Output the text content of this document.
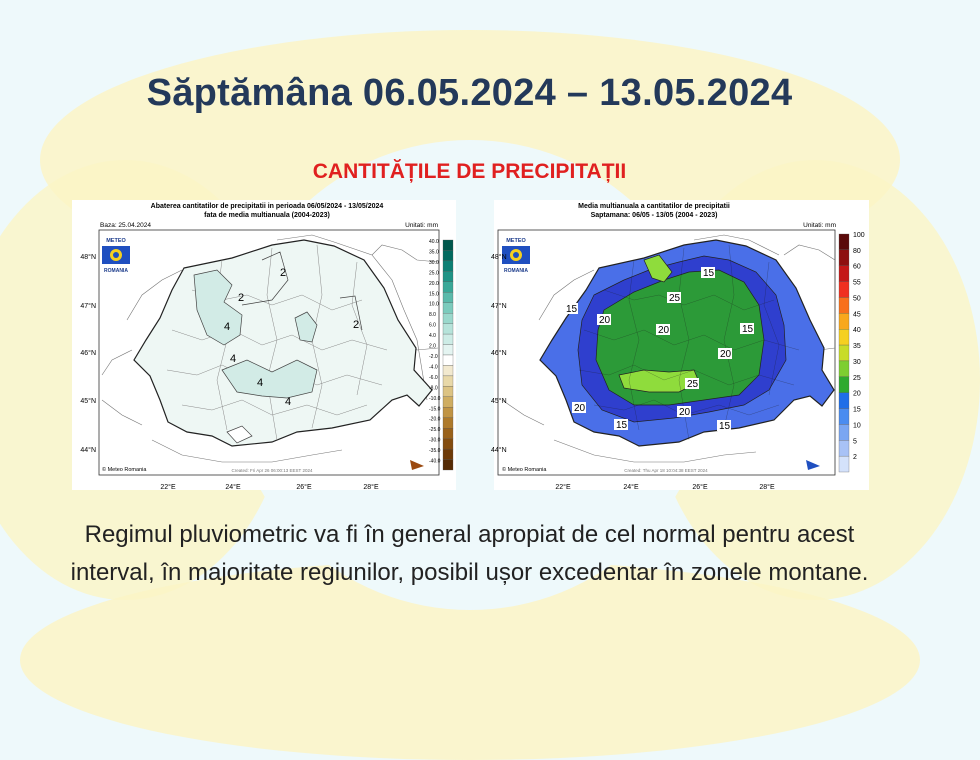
Săptămâna 06.05.2024 – 13.05.2024
CANTITĂȚILE DE PRECIPITAȚII
Abaterea cantitatilor de precipitatii in perioada 06/05/2024 - 13/05/2024
fata de media multianuala (2004-2023)
Baza: 25.04.2024	Unitati: mm
2
2
2
4
4
4
4
METEO
ROMANIA
48°N
47°N
46°N
45°N
44°N
22°E	24°E	26°E	28°E
© Meteo Romania	Created: Fri Apr 26 06:00:13 EEST 2024
40.0
35.0
30.0
25.0
20.0
15.0
10.0
8.0
6.0
4.0
2.0
-2.0
-4.0
-6.0
-8.0
-10.0
-15.0
-20.0
-25.0
-30.0
-35.0
-40.0
Media multianuala a cantitatilor de precipitatii
Saptamana: 06/05 - 13/05 (2004 - 2023)
Unitati: mm
15
15
15
15	15
20
20
20
20	20
25
25
METEO
ROMANIA
48°N
47°N
46°N
45°N
44°N
22°E	24°E	26°E	28°E
© Meteo Romania	Created: Thu Apr 18 10:04:38 EEST 2024
100
80
60
55
50
45
40
35
30
25
20
15
10
5
2
Regimul pluviometric va fi în general apropiat de cel normal pentru acest interval, în majoritate regiunilor, posibil ușor excedentar în zonele montane.
